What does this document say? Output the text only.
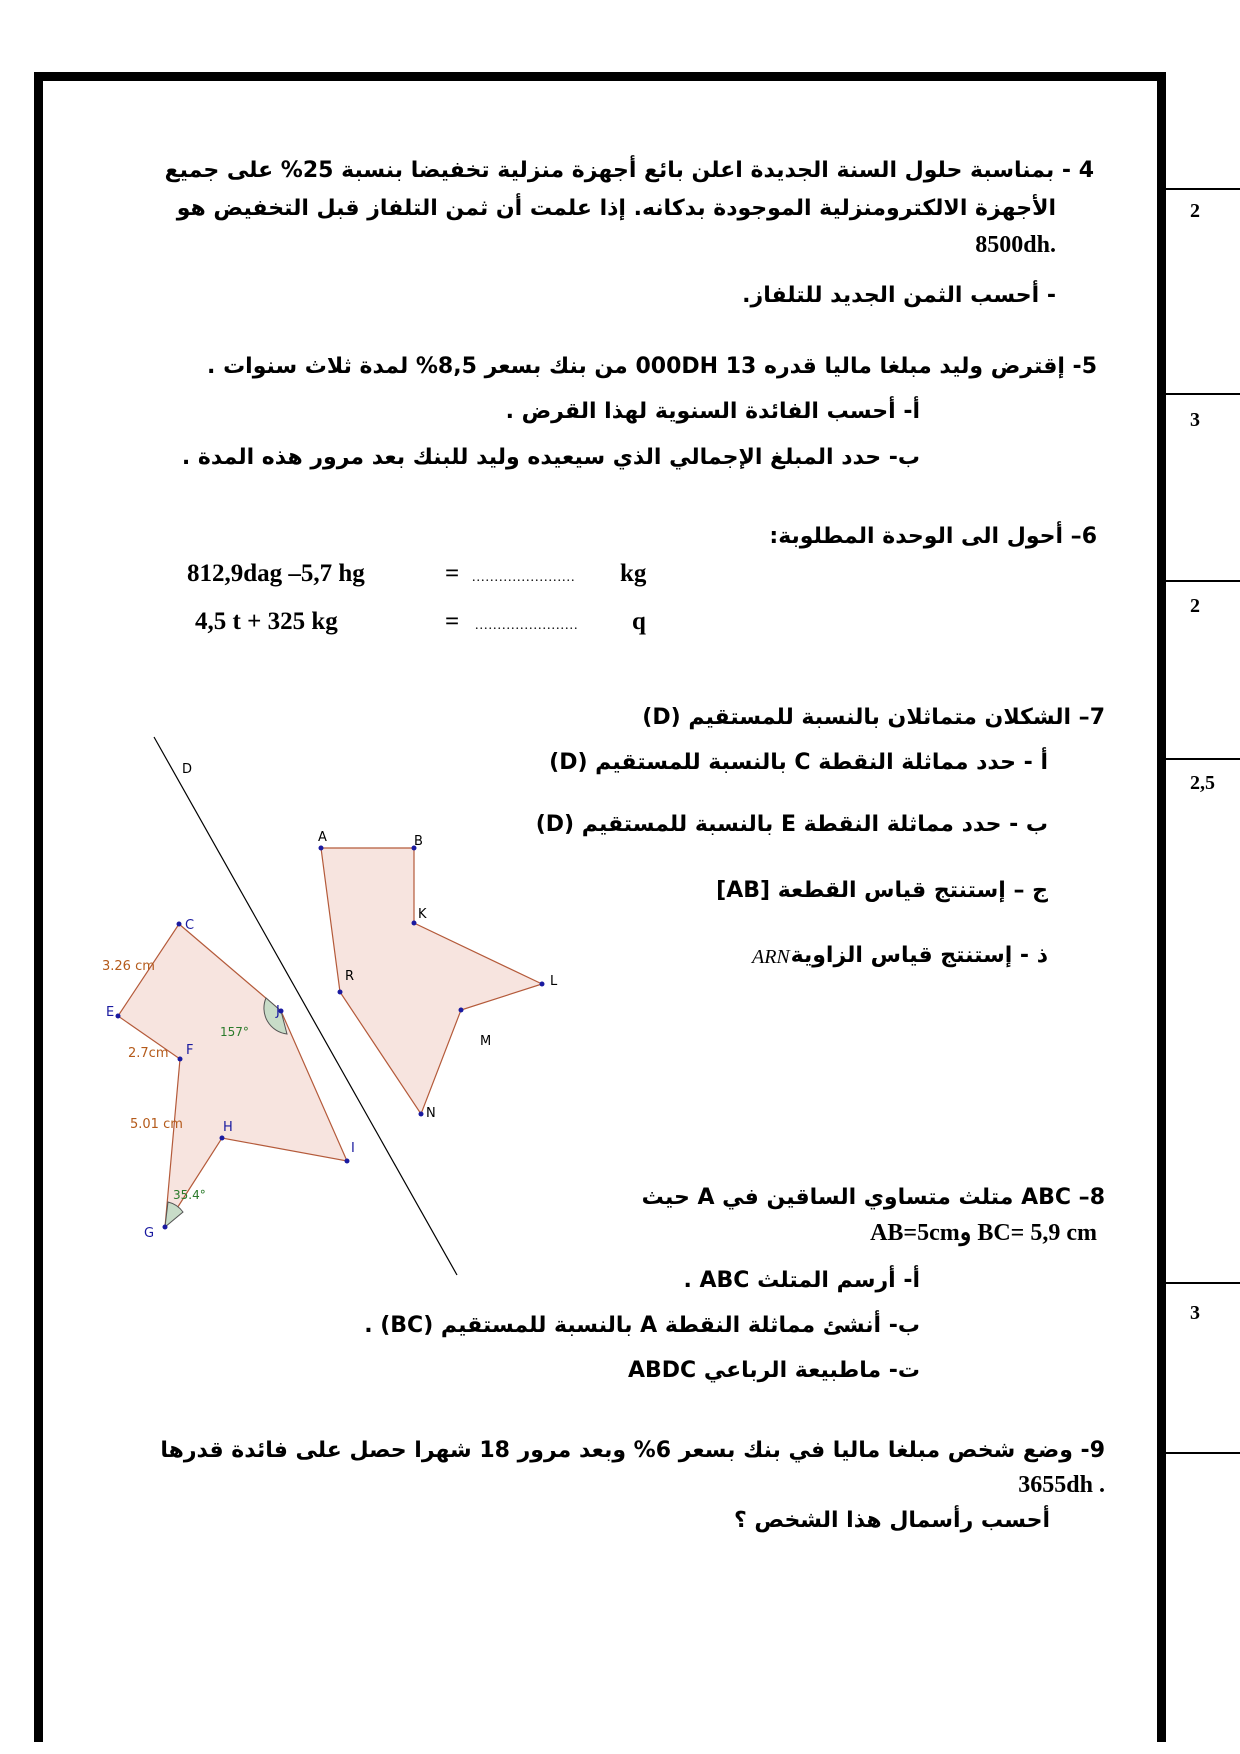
2
3
2
2,5
3
4 - بمناسبة حلول السنة الجديدة اعلن بائع أجهزة منزلية تخفيضا بنسبة 25% على جميع
الأجهزة الالكترومنزلية الموجودة بدكانه. إذا علمت أن ثمن التلفاز قبل التخفيض هو
.8500dh
- أحسب الثمن الجديد للتلفاز.
5- إقترض وليد مبلغا ماليا قدره 13 000DH من بنك بسعر 8,5% لمدة ثلاث سنوات .
أ- أحسب الفائدة السنوية لهذا القرض .
ب- حدد المبلغ الإجمالي الذي سيعيده وليد للبنك بعد مرور هذه المدة .
6– أحول الى الوحدة المطلوبة:
812,9dag –5,7 hg	= ....................... kg
4,5 t + 325 kg	= ....................... q
7– الشكلان متماثلان بالنسبة للمستقيم (D)
أ - حدد مماثلة النقطة C بالنسبة للمستقيم (D)
ب - حدد مماثلة النقطة E بالنسبة للمستقيم (D)
ج – إستنتج قياس القطعة [AB]
ذ - إستنتج قياس الزاوية
ARN
D
A	B
K
L
M
N
R
C
E
F
G
H
I
J
3.26 cm
2.7cm
5.01 cm
157°
35.4°	8– ABC متلث متساوي الساقين في A حيث
BC= 5,9 cm وAB=5cm
أ- أرسم المتلث ABC .
ب- أنشئ مماثلة النقطة A بالنسبة للمستقيم (BC) .
ت- ماطبيعة الرباعي ABDC
9- وضع شخص مبلغا ماليا في بنك بسعر 6% وبعد مرور 18 شهرا حصل على فائدة قدرها
. 3655dh
أحسب رأسمال هذا الشخص ؟
